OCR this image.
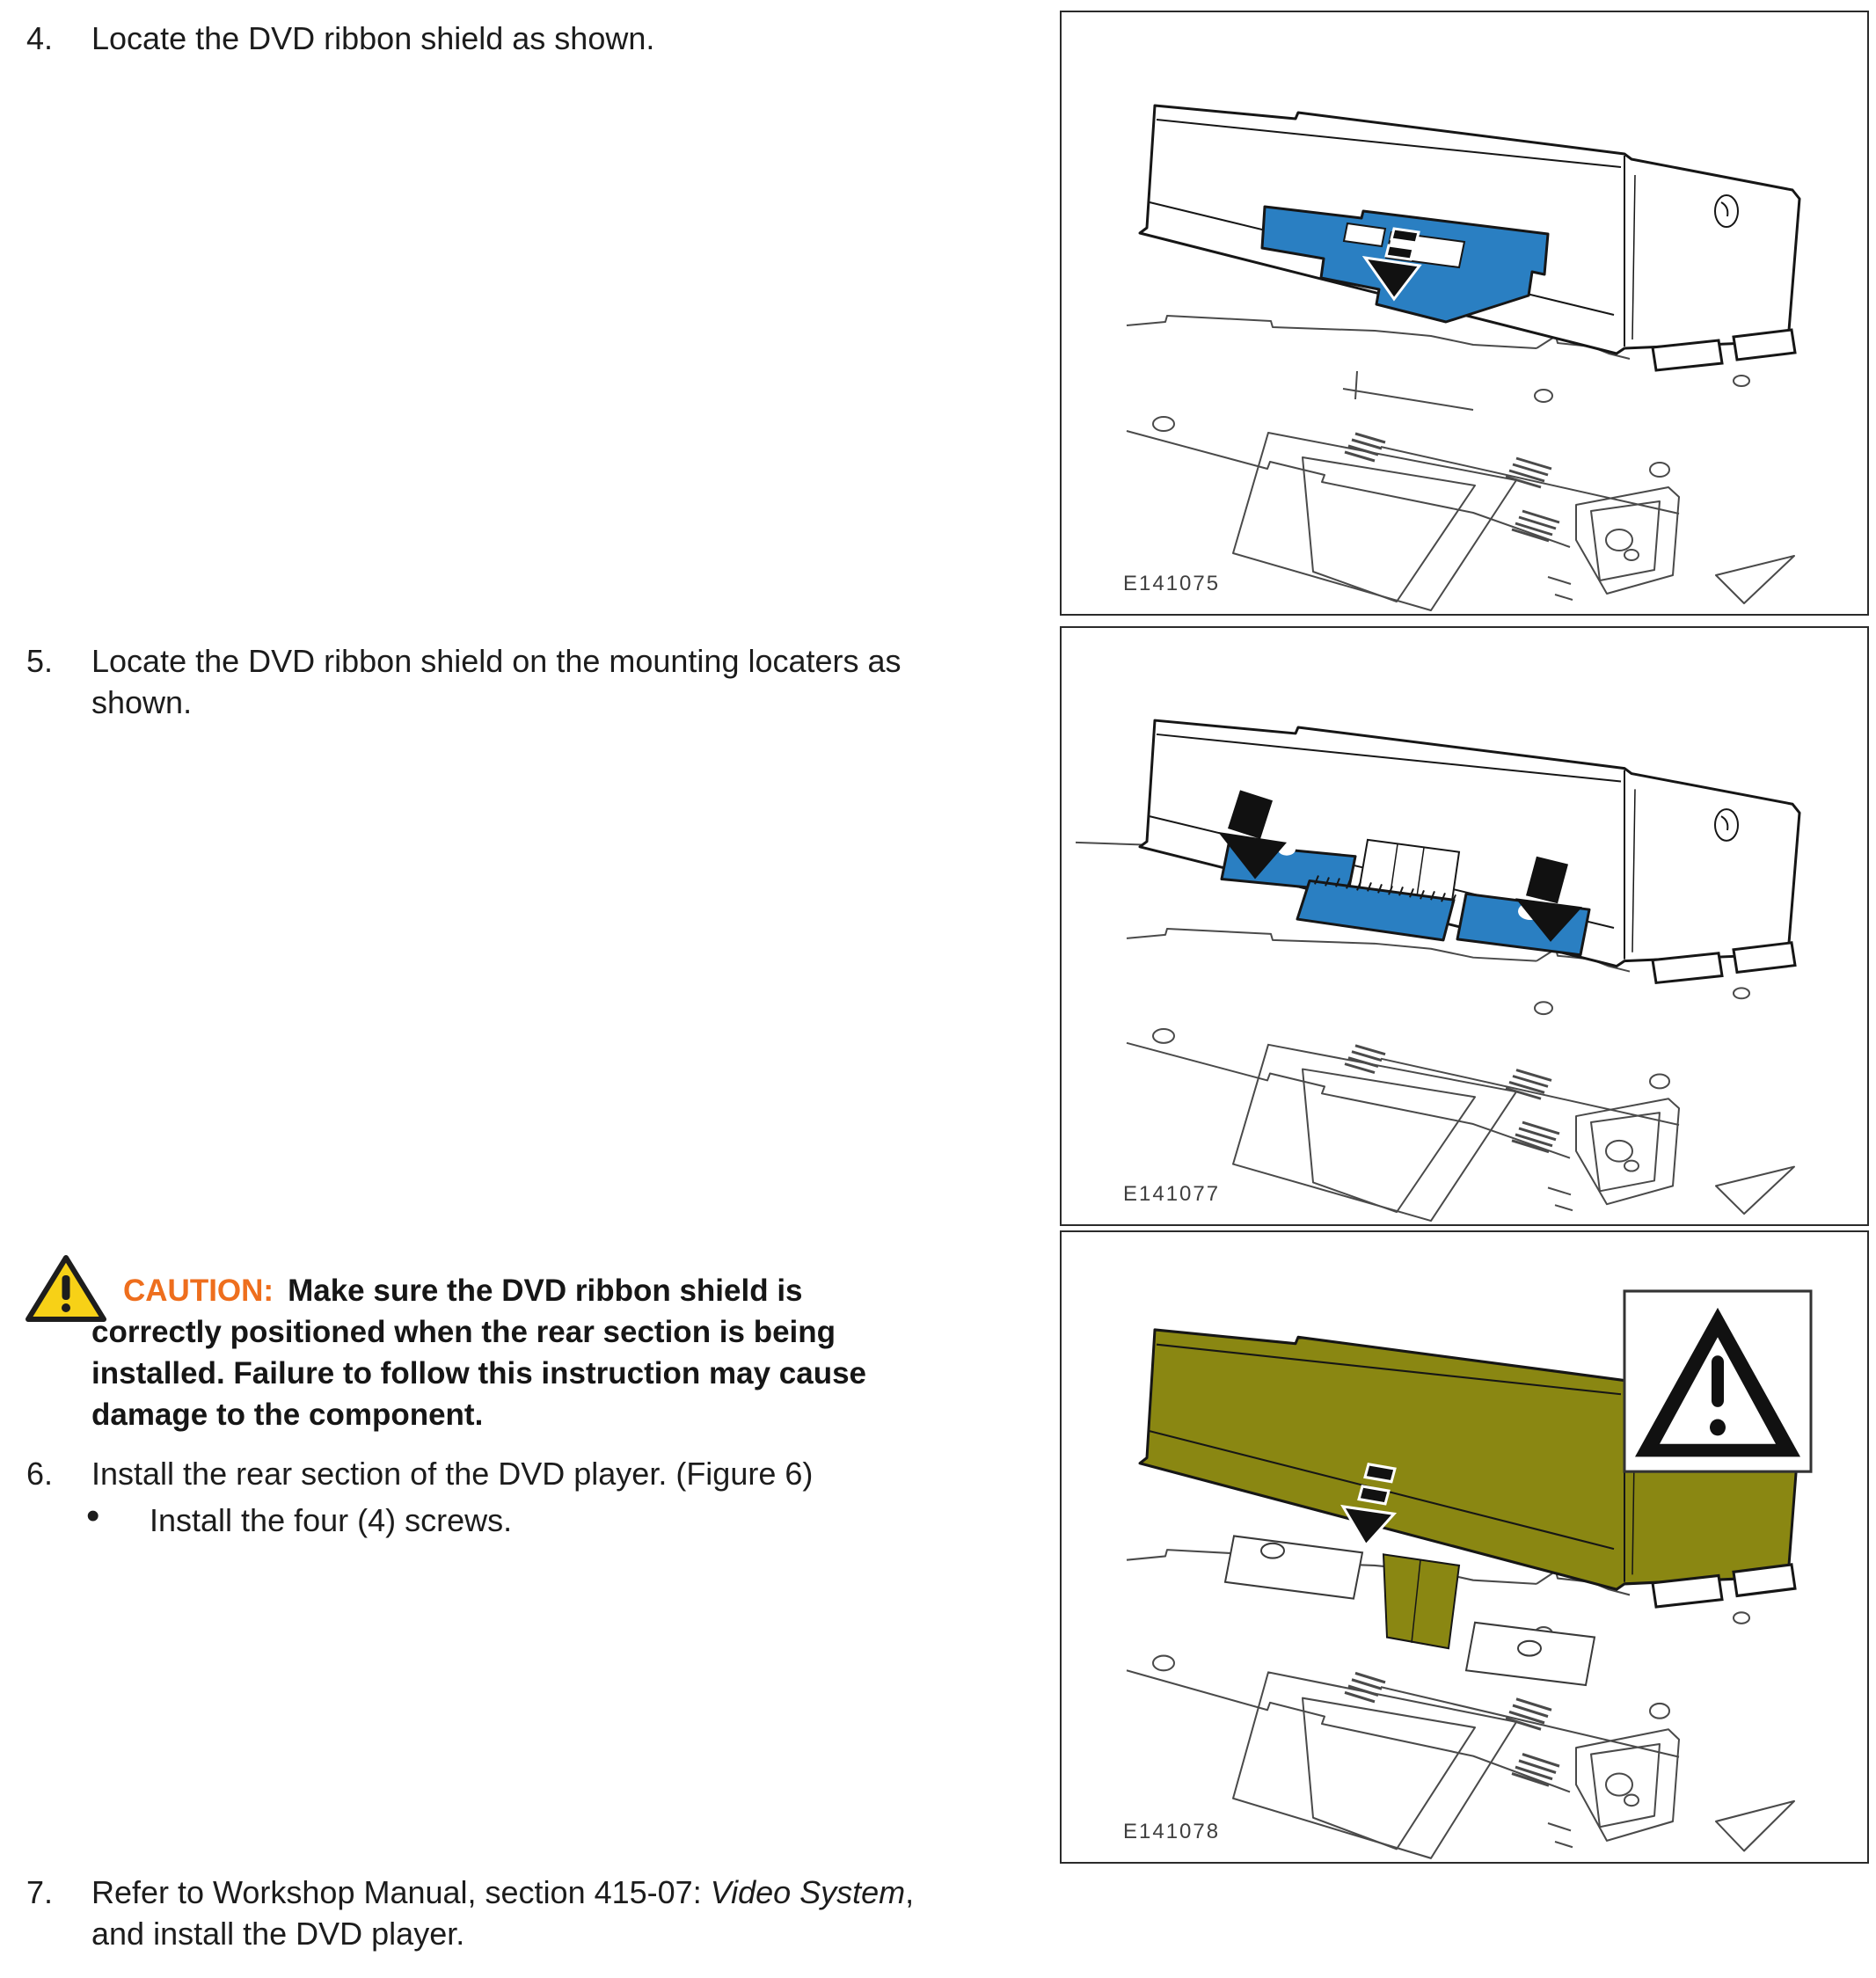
4. Locate the DVD ribbon shield as shown.
5. Locate the DVD ribbon shield on the mounting locaters as
shown.
CAUTION: Make sure the DVD ribbon shield is
correctly positioned when the rear section is being
installed. Failure to follow this instruction may cause
damage to the component.
6. Install the rear section of the DVD player. (Figure 6)
• Install the four (4) screws.
7. Refer to Workshop Manual, section 415-07: Video System,
and install the DVD player.
E141075
E141077
E141078
